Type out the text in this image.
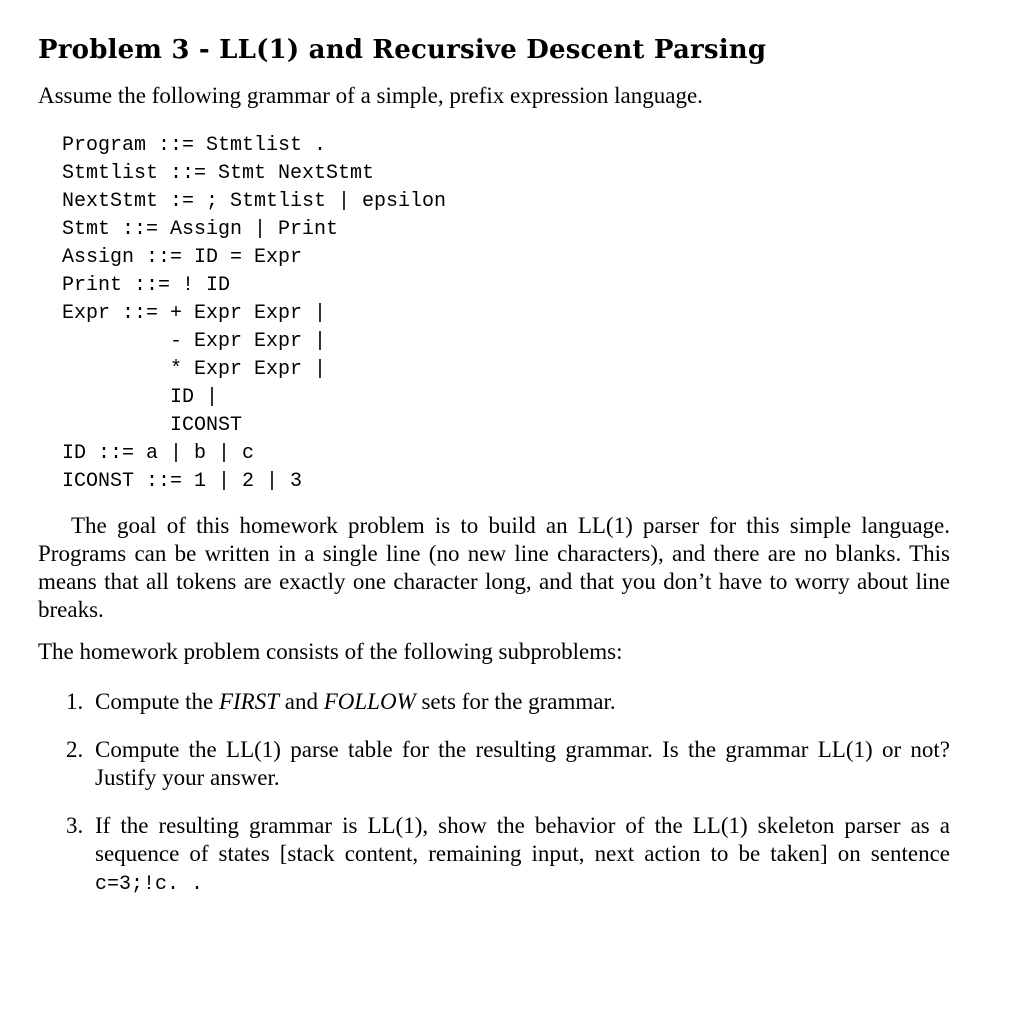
Problem 3 - LL(1) and Recursive Descent Parsing

Assume the following grammar of a simple, prefix expression language.

Program ::= Stmtlist .
Stmtlist ::= Stmt NextStmt
NextStmt := ; Stmtlist | epsilon
Stmt ::= Assign | Print
Assign ::= ID = Expr
Print ::= ! ID
Expr ::= + Expr Expr |
- Expr Expr |
* Expr Expr |
ID |
ICONST
ID ::= a | b | c
ICONST ::= 1 | 2 | 3

The goal of this homework problem is to build an LL(1) parser for this simple language. Programs can be written in a single line (no new line characters), and there are no blanks. This means that all tokens are exactly one character long, and that you don’t have to worry about line breaks.

The homework problem consists of the following subproblems:

1. Compute the FIRST and FOLLOW sets for the grammar.
2. Compute the LL(1) parse table for the resulting grammar. Is the grammar LL(1) or not? Justify your answer.
3. If the resulting grammar is LL(1), show the behavior of the LL(1) skeleton parser as a sequence of states [stack content, remaining input, next action to be taken] on sentence c=3;!c. .
